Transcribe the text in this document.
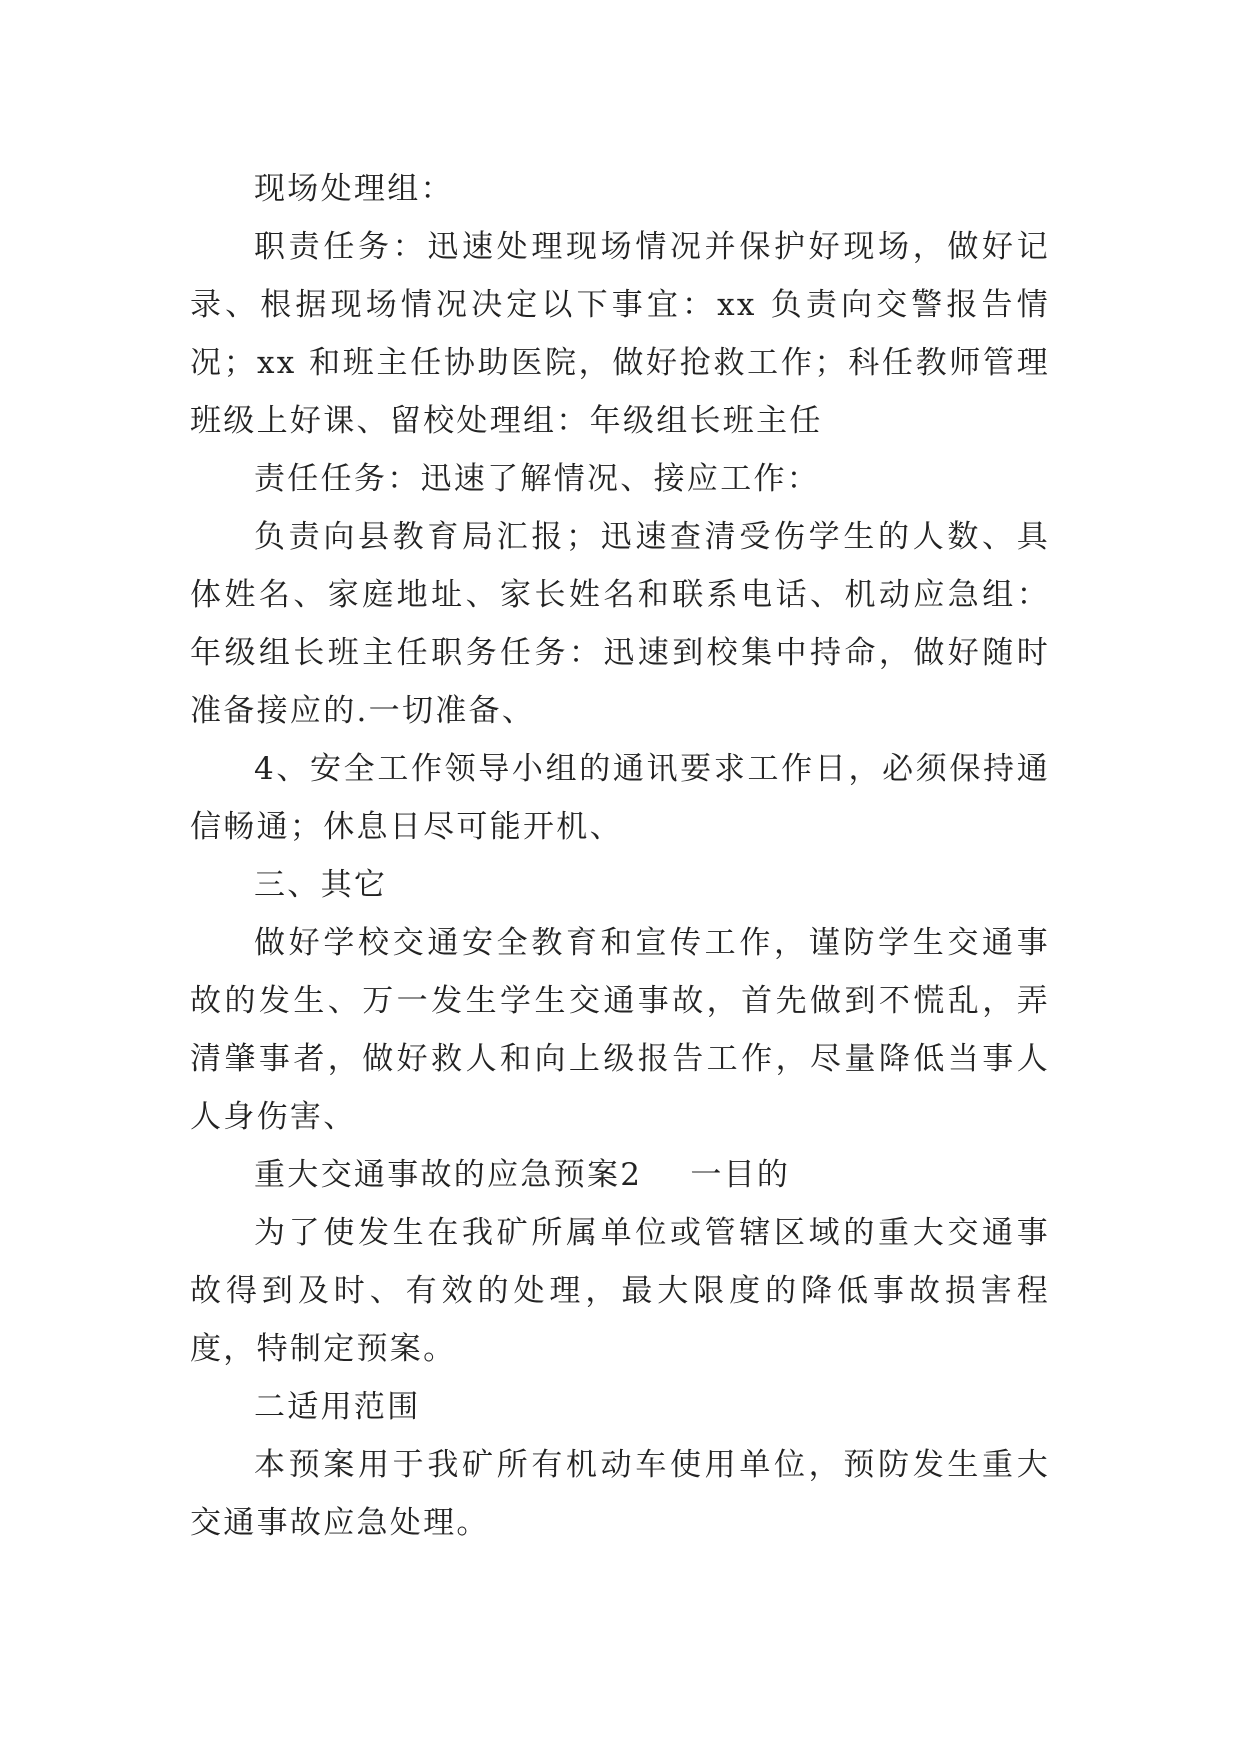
现场处理组：

职责任务：迅速处理现场情况并保护好现场，做好记录、根据现场情况决定以下事宜：xx 负责向交警报告情况；xx 和班主任协助医院，做好抢救工作；科任教师管理班级上好课、留校处理组：年级组长班主任

责任任务：迅速了解情况、接应工作：

负责向县教育局汇报；迅速查清受伤学生的人数、具体姓名、家庭地址、家长姓名和联系电话、机动应急组：年级组长班主任职务任务：迅速到校集中持命，做好随时准备接应的.一切准备、

4、安全工作领导小组的通讯要求工作日，必须保持通信畅通；休息日尽可能开机、

三、其它

做好学校交通安全教育和宣传工作，谨防学生交通事故的发生、万一发生学生交通事故，首先做到不慌乱，弄清肇事者，做好救人和向上级报告工作，尽量降低当事人人身伤害、

重大交通事故的应急预案2 一目的

为了使发生在我矿所属单位或管辖区域的重大交通事故得到及时、有效的处理，最大限度的降低事故损害程度，特制定预案。

二适用范围

本预案用于我矿所有机动车使用单位，预防发生重大交通事故应急处理。
